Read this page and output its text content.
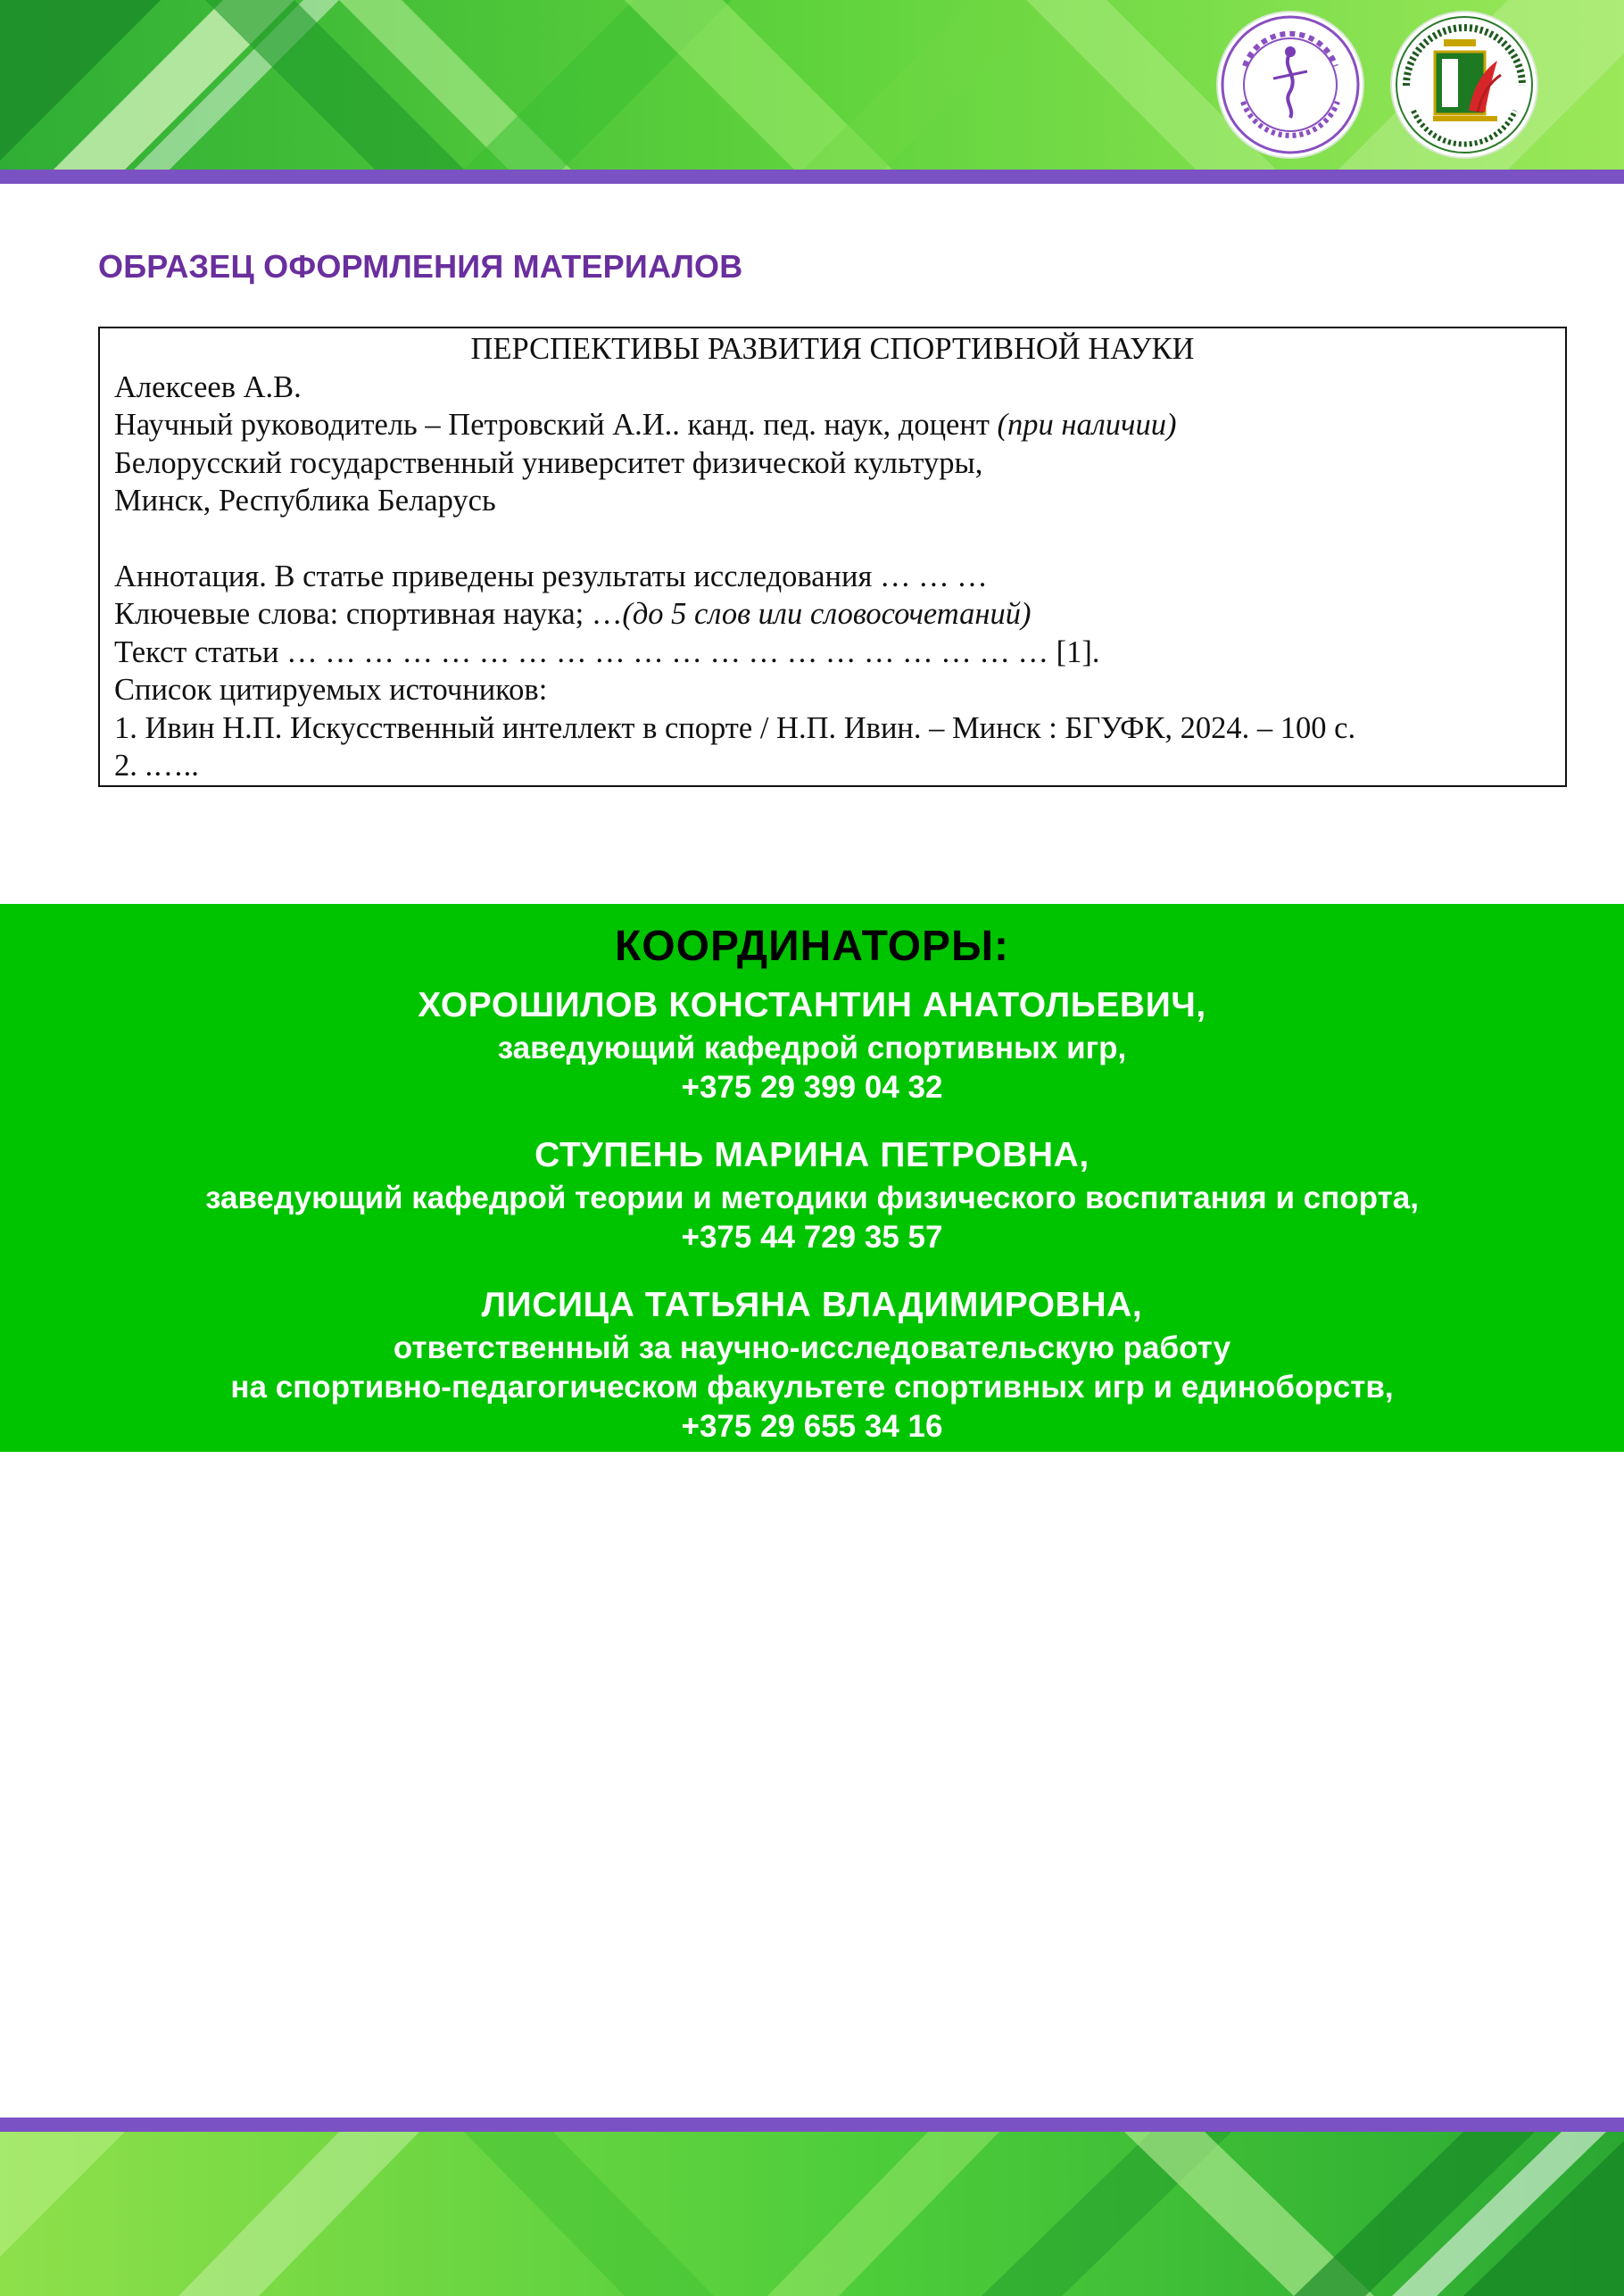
ОБРАЗЕЦ ОФОРМЛЕНИЯ МАТЕРИАЛОВ
ПЕРСПЕКТИВЫ РАЗВИТИЯ СПОРТИВНОЙ НАУКИ
Алексеев А.В.
Научный руководитель – Петровский А.И.. канд. пед. наук, доцент (при наличии)
Белорусский государственный университет физической культуры,
Минск, Республика Беларусь
Аннотация. В статье приведены результаты исследования … … …
Ключевые слова: спортивная наука; …(до 5 слов или словосочетаний)
Текст статьи … … … … … … … … … … … … … … … … … … … … [1].
Список цитируемых источников:
1. Ивин Н.П. Искусственный интеллект в спорте / Н.П. Ивин. – Минск : БГУФК, 2024. – 100 с.
2. .…..
КООРДИНАТОРЫ:
ХОРОШИЛОВ КОНСТАНТИН АНАТОЛЬЕВИЧ,
заведующий кафедрой спортивных игр,
+375 29 399 04 32
СТУПЕНЬ МАРИНА ПЕТРОВНА,
заведующий кафедрой теории и методики физического воспитания и спорта,
+375 44 729 35 57
ЛИСИЦА ТАТЬЯНА ВЛАДИМИРОВНА,
ответственный за научно-исследовательскую работу
на спортивно-педагогическом факультете спортивных игр и единоборств,
+375 29 655 34 16
